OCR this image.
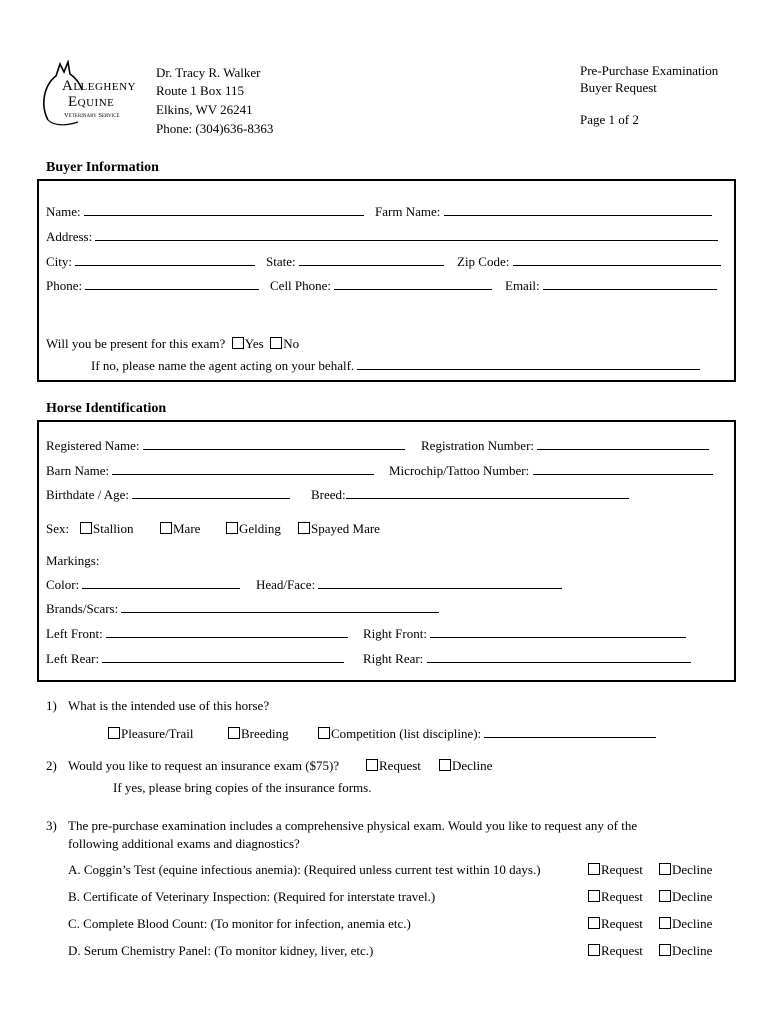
Allegheny
Equine
Veterinary Service
Dr. Tracy R. Walker
Route 1 Box 115
Elkins, WV 26241
Phone: (304)636-8363
Pre-Purchase Examination
Buyer Request
Page 1 of 2
Buyer Information
Name:	Farm Name:
Address:
City:	State:	Zip Code:
Phone:	Cell Phone:	Email:
Will you be present for this exam? Yes No
If no, please name the agent acting on your behalf.
Horse Identification
Registered Name:	Registration Number:
Barn Name:	Microchip/Tattoo Number:
Birthdate / Age:	Breed:
Sex:	Stallion	Mare	Gelding	Spayed Mare
Markings:
Color:	Head/Face:
Brands/Scars:
Left Front:	Right Front:
Left Rear:	Right Rear:
1) What is the intended use of this horse?
Pleasure/Trail	Breeding	Competition (list discipline):
2) Would you like to request an insurance exam ($75)?	Request	Decline
If yes, please bring copies of the insurance forms.
3) The pre-purchase examination includes a comprehensive physical exam. Would you like to request any of the
following additional exams and diagnostics?
A. Coggin’s Test (equine infectious anemia): (Required unless current test within 10 days.)	Request	Decline
B. Certificate of Veterinary Inspection: (Required for interstate travel.)	Request	Decline
C. Complete Blood Count: (To monitor for infection, anemia etc.)	Request	Decline
D. Serum Chemistry Panel: (To monitor kidney, liver, etc.)	Request	Decline
